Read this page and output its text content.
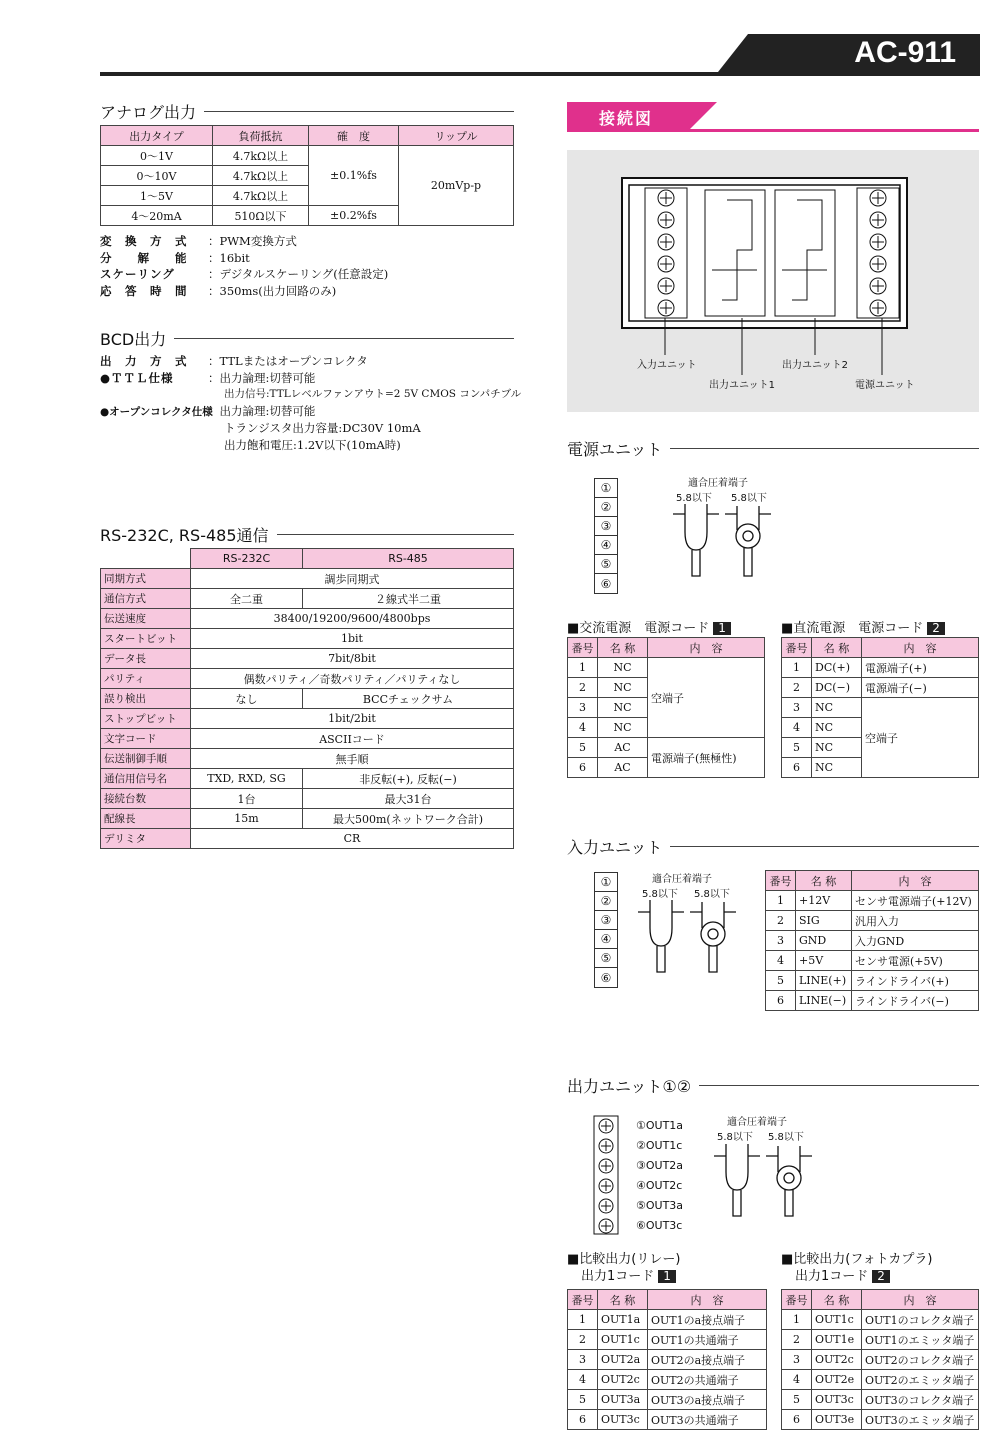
AC-911
アナログ出力
出力タイプ	負荷抵抗	確　度	リップル
0～1V	4.7kΩ以上	±0.1%fs	20mVp-p
0～10V	4.7kΩ以上		
1～5V	4.7kΩ以上		
4～20mA	510Ω以下	±0.2%fs	
変　換　方　式 ：PWM変換方式
分　　解　　能 ：16bit
スケーリング	：デジタルスケーリング(任意設定)
応　答　時　間 ：350ms(出力回路のみ)
BCD出力
出　力　方　式 ：TTLまたはオープンコレクタ
●ＴＴＬ仕様	：出力論理:切替可能
出力信号:TTLレベルファンアウト=2 5V CMOS コンパチブル
●オープンコレクタ仕様：出力論理:切替可能
トランジスタ出力容量:DC30V 10mA
出力飽和電圧:1.2V以下(10mA時)
RS-232C, RS-485通信
	RS-232C	RS-485
同期方式	調歩同期式	
通信方式	全二重	２線式半二重
伝送速度	38400/19200/9600/4800bps	
スタートビット	1bit	
データ長	7bit/8bit	
パリティ	偶数パリティ／奇数パリティ／パリティなし	
誤り検出	なし	BCCチェックサム
ストップビット	1bit/2bit	
文字コード	ASCIIコード	
伝送制御手順	無手順	
通信用信号名	TXD, RXD, SG	非反転(+), 反転(−)
接続台数	1台	最大31台
配線長	15m	最大500m(ネットワーク合計)
デリミタ	CR	
接続図
入力ユニット
出力ユニット1
出力ユニット2
電源ユニット
電源ユニット
①
②
③
④
⑤
⑥
適合圧着端子
5.8以下 5.8以下
■交流電源　電源コード 1
番号	名 称	内　容
1	NC	空端子
2	NC	
3	NC	
4	NC	
5	AC	電源端子(無極性)
6	AC	
■直流電源　電源コード 2
番号	名 称	内　容
1	DC(+)	電源端子(+)
2	DC(−)	電源端子(−)
3	NC	空端子
4	NC	
5	NC	
6	NC	
入力ユニット
①
②
③
④
⑤
⑥
適合圧着端子
5.8以下 5.8以下
番号	名 称	内　容
1	+12V	センサ電源端子(+12V)
2	SIG	汎用入力
3	GND	入力GND
4	+5V	センサ電源(+5V)
5	LINE(+)	ラインドライバ(+)
6	LINE(−)	ラインドライバ(−)
出力ユニット①②
①OUT1a
②OUT1c
③OUT2a
④OUT2c
⑤OUT3a
⑥OUT3c
適合圧着端子
5.8以下 5.8以下
■比較出力(リレー)
出力1コード 1
番号	名 称	内　容
1	OUT1a	OUT1のa接点端子
2	OUT1c	OUT1の共通端子
3	OUT2a	OUT2のa接点端子
4	OUT2c	OUT2の共通端子
5	OUT3a	OUT3のa接点端子
6	OUT3c	OUT3の共通端子
■比較出力(フォトカプラ)
出力1コード 2
番号	名 称	内　容
1	OUT1c	OUT1のコレクタ端子
2	OUT1e	OUT1のエミッタ端子
3	OUT2c	OUT2のコレクタ端子
4	OUT2e	OUT2のエミッタ端子
5	OUT3c	OUT3のコレクタ端子
6	OUT3e	OUT3のエミッタ端子
